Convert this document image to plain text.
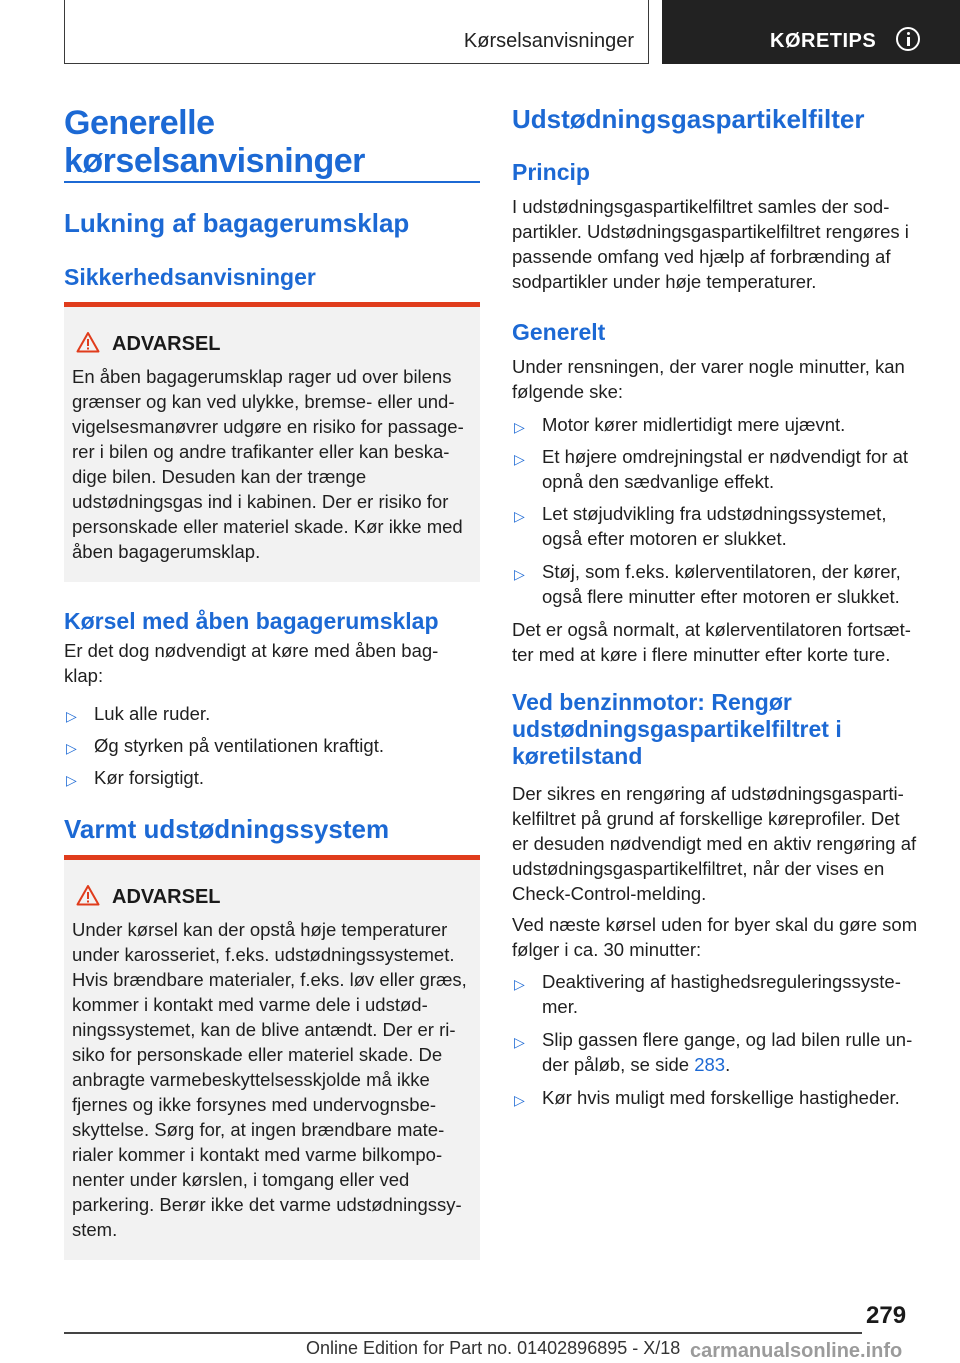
Kørselsanvisninger	KØRETIPS
Generelle
kørselsanvisninger
Lukning af bagagerumsklap
Sikkerhedsanvisninger
ADVARSEL
En åben bagagerumsklap rager ud over bilens
grænser og kan ved ulykke, bremse- eller und-
vigelsesmanøvrer udgøre en risiko for passage-
rer i bilen og andre trafikanter eller kan beska-
dige bilen. Desuden kan der trænge
udstødningsgas ind i kabinen. Der er risiko for
personskade eller materiel skade. Kør ikke med
åben bagagerumsklap.
Kørsel med åben bagagerumsklap
Er det dog nødvendigt at køre med åben bag-
klap:
▷ Luk alle ruder.
▷ Øg styrken på ventilationen kraftigt.
▷ Kør forsigtigt.
Varmt udstødningssystem
ADVARSEL
Under kørsel kan der opstå høje temperaturer
under karosseriet, f.eks. udstødningssystemet.
Hvis brændbare materialer, f.eks. løv eller græs,
kommer i kontakt med varme dele i udstød-
ningssystemet, kan de blive antændt. Der er ri-
siko for personskade eller materiel skade. De
anbragte varmebeskyttelsesskjolde må ikke
fjernes og ikke forsynes med undervognsbe-
skyttelse. Sørg for, at ingen brændbare mate-
rialer kommer i kontakt med varme bilkompo-
nenter under kørslen, i tomgang eller ved
parkering. Berør ikke det varme udstødningssy-
stem.
Udstødningsgaspartikelfilter
Princip
I udstødningsgaspartikelfiltret samles der sod-
partikler. Udstødningsgaspartikelfiltret rengøres i
passende omfang ved hjælp af forbrænding af
sodpartikler under høje temperaturer.
Generelt
Under rensningen, der varer nogle minutter, kan
følgende ske:
▷ Motor kører midlertidigt mere ujævnt.
▷ Et højere omdrejningstal er nødvendigt for at
opnå den sædvanlige effekt.
▷ Let støjudvikling fra udstødningssystemet,
også efter motoren er slukket.
▷ Støj, som f.eks. kølerventilatoren, der kører,
også flere minutter efter motoren er slukket.
Det er også normalt, at kølerventilatoren fortsæt-
ter med at køre i flere minutter efter korte ture.
Ved benzinmotor: Rengør
udstødningsgaspartikelfiltret i
køretilstand
Der sikres en rengøring af udstødningsgasparti-
kelfiltret på grund af forskellige køreprofiler. Det
er desuden nødvendigt med en aktiv rengøring af
udstødningsgaspartikelfiltret, når der vises en
Check-Control-melding.
Ved næste kørsel uden for byer skal du gøre som
følger i ca. 30 minutter:
▷ Deaktivering af hastighedsreguleringssyste-
mer.
▷ Slip gassen flere gange, og lad bilen rulle un-
der påløb, se side 283.
▷ Kør hvis muligt med forskellige hastigheder.
279
Online Edition for Part no. 01402896895 - X/18 carmanualsonline.info
